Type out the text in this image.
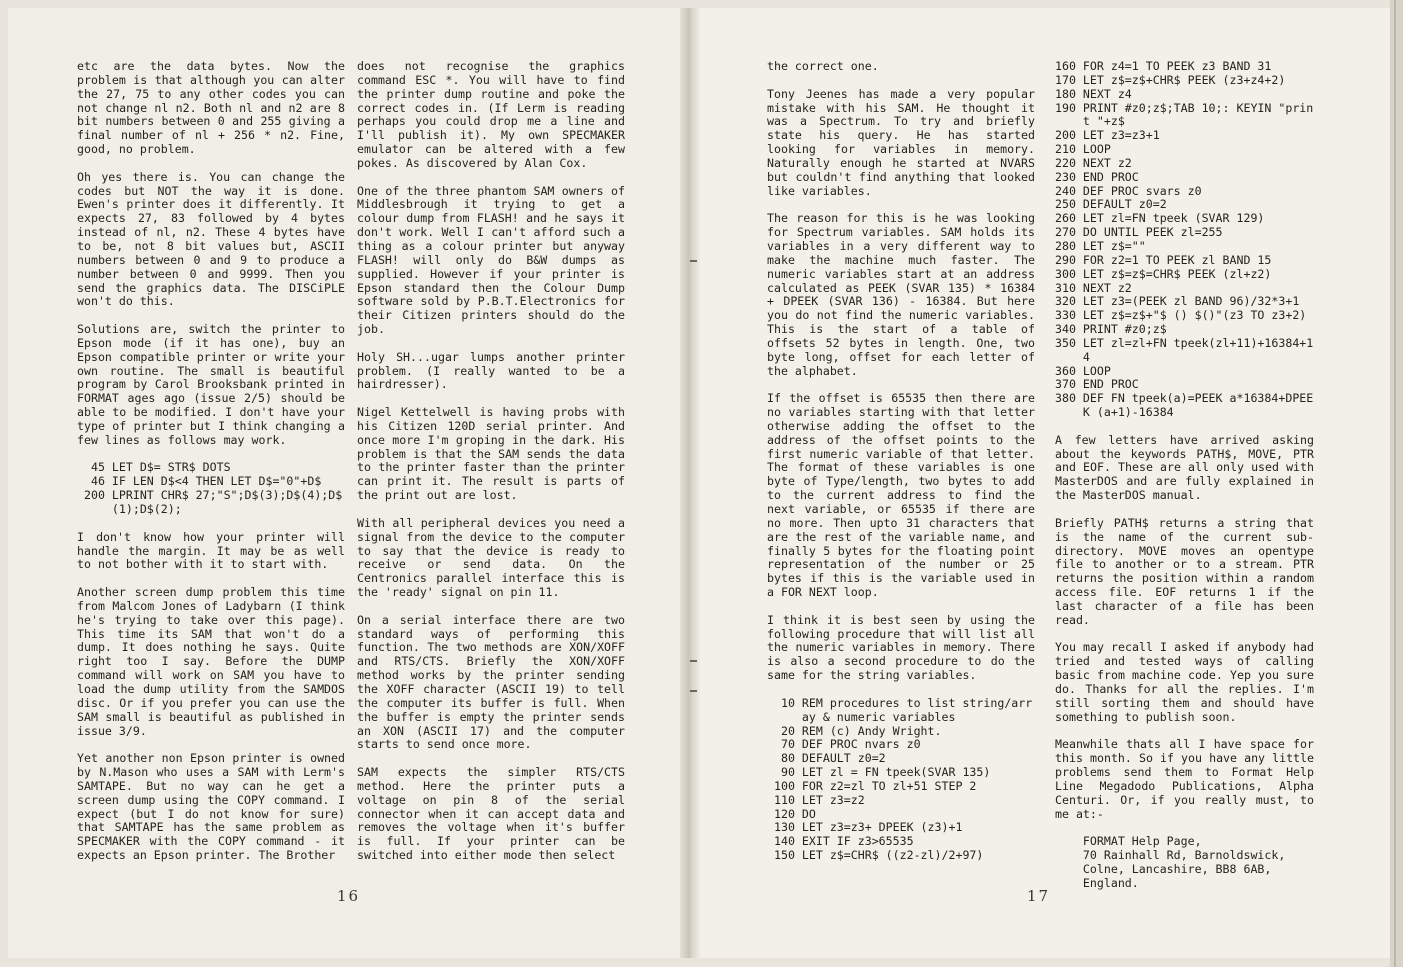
etc are the data bytes. Now the problem is that although you can alter the 27, 75 to any other codes you can not change nl n2. Both nl and n2 are 8 bit numbers between 0 and 255 giving a final number of nl + 256 * n2. Fine, good, no problem.

Oh yes there is. You can change the codes but NOT the way it is done. Ewen's printer does it differently. It expects 27, 83 followed by 4 bytes instead of nl, n2. These 4 bytes have to be, not 8 bit values but, ASCII numbers between 0 and 9 to produce a number between 0 and 9999. Then you send the graphics data. The DISCiPLE won't do this.

Solutions are, switch the printer to Epson mode (if it has one), buy an Epson compatible printer or write your own routine. The small is beautiful program by Carol Brooksbank printed in FORMAT ages ago (issue 2/5) should be able to be modified. I don't have your type of printer but I think changing a few lines as follows may work.

45 LET D$= STR$ DOTS
46 IF LEN D$<4 THEN LET D$="0"+D$
200 LPRINT CHR$ 27;"S";D$(3);D$(4);D$
(1);D$(2);

I don't know how your printer will handle the margin. It may be as well to not bother with it to start with.

Another screen dump problem this time from Malcom Jones of Ladybarn (I think he's trying to take over this page). This time its SAM that won't do a dump. It does nothing he says. Quite right too I say. Before the DUMP command will work on SAM you have to load the dump utility from the SAMDOS disc. Or if you prefer you can use the SAM small is beautiful as published in issue 3/9.

Yet another non Epson printer is owned by N.Mason who uses a SAM with Lerm's SAMTAPE. But no way can he get a screen dump using the COPY command. I expect (but I do not know for sure) that SAMTAPE has the same problem as SPECMAKER with the COPY command - it expects an Epson printer. The Brother

does not recognise the graphics command ESC *. You will have to find the printer dump routine and poke the correct codes in. (If Lerm is reading perhaps you could drop me a line and I'll publish it). My own SPECMAKER emulator can be altered with a few pokes. As discovered by Alan Cox.

One of the three phantom SAM owners of Middlesbrough it trying to get a colour dump from FLASH! and he says it don't work. Well I can't afford such a thing as a colour printer but anyway FLASH! will only do B&W dumps as supplied. However if your printer is Epson standard then the Colour Dump software sold by P.B.T.Electronics for their Citizen printers should do the job.

Holy SH...ugar lumps another printer problem. (I really wanted to be a hairdresser).

Nigel Kettelwell is having probs with his Citizen 120D serial printer. And once more I'm groping in the dark. His problem is that the SAM sends the data to the printer faster than the printer can print it. The result is parts of the print out are lost.

With all peripheral devices you need a signal from the device to the computer to say that the device is ready to receive or send data. On the Centronics parallel interface this is the 'ready' signal on pin 11.

On a serial interface there are two standard ways of performing this function. The two methods are XON/XOFF and RTS/CTS. Briefly the XON/XOFF method works by the printer sending the XOFF character (ASCII 19) to tell the computer its buffer is full. When the buffer is empty the printer sends an XON (ASCII 17) and the computer starts to send once more.

SAM expects the simpler RTS/CTS method. Here the printer puts a voltage on pin 8 of the serial connector when it can accept data and removes the voltage when it's buffer is full. If your printer can be switched into either mode then select

the correct one.

Tony Jeenes has made a very popular mistake with his SAM. He thought it was a Spectrum. To try and briefly state his query. He has started looking for variables in memory. Naturally enough he started at NVARS but couldn't find anything that looked like variables.

The reason for this is he was looking for Spectrum variables. SAM holds its variables in a very different way to make the machine much faster. The numeric variables start at an address calculated as PEEK (SVAR 135) * 16384 + DPEEK (SVAR 136) - 16384. But here you do not find the numeric variables. This is the start of a table of offsets 52 bytes in length. One, two byte long, offset for each letter of the alphabet.

If the offset is 65535 then there are no variables starting with that letter otherwise adding the offset to the address of the offset points to the first numeric variable of that letter. The format of these variables is one byte of Type/length, two bytes to add to the current address to find the next variable, or 65535 if there are no more. Then upto 31 characters that are the rest of the variable name, and finally 5 bytes for the floating point representation of the number or 25 bytes if this is the variable used in a FOR NEXT loop.

I think it is best seen by using the following procedure that will list all the numeric variables in memory. There is also a second procedure to do the same for the string variables.

10 REM procedures to list string/arr
ay & numeric variables
20 REM (c) Andy Wright.
70 DEF PROC nvars z0
80 DEFAULT z0=2
90 LET zl = FN tpeek(SVAR 135)
100 FOR z2=zl TO zl+51 STEP 2
110 LET z3=z2
120 DO
130 LET z3=z3+ DPEEK (z3)+1
140 EXIT IF z3>65535
150 LET z$=CHR$ ((z2-zl)/2+97)
160 FOR z4=1 TO PEEK z3 BAND 31
170 LET z$=z$+CHR$ PEEK (z3+z4+2)
180 NEXT z4
190 PRINT #z0;z$;TAB 10;: KEYIN "prin
t "+z$
200 LET z3=z3+1
210 LOOP
220 NEXT z2
230 END PROC
240 DEF PROC svars z0
250 DEFAULT z0=2
260 LET zl=FN tpeek (SVAR 129)
270 DO UNTIL PEEK zl=255
280 LET z$=""
290 FOR z2=1 TO PEEK zl BAND 15
300 LET z$=z$=CHR$ PEEK (zl+z2)
310 NEXT z2
320 LET z3=(PEEK zl BAND 96)/32*3+1
330 LET z$=z$+"$ () $()"(z3 TO z3+2)
340 PRINT #z0;z$
350 LET zl=zl+FN tpeek(zl+11)+16384+1
4
360 LOOP
370 END PROC
380 DEF FN tpeek(a)=PEEK a*16384+DPEE
K (a+1)-16384

A few letters have arrived asking about the keywords PATH$, MOVE, PTR and EOF. These are all only used with MasterDOS and are fully explained in the MasterDOS manual.

Briefly PATH$ returns a string that is the name of the current sub-directory. MOVE moves an opentype file to another or to a stream. PTR returns the position within a random access file. EOF returns 1 if the last character of a file has been read.

You may recall I asked if anybody had tried and tested ways of calling basic from machine code. Yep you sure do. Thanks for all the replies. I'm still sorting them and should have something to publish soon.

Meanwhile thats all I have space for this month. So if you have any little problems send them to Format Help Line Megadodo Publications, Alpha Centuri. Or, if you really must, to me at:-

FORMAT Help Page,
70 Rainhall Rd, Barnoldswick,
Colne, Lancashire, BB8 6AB,
England.
16	17
